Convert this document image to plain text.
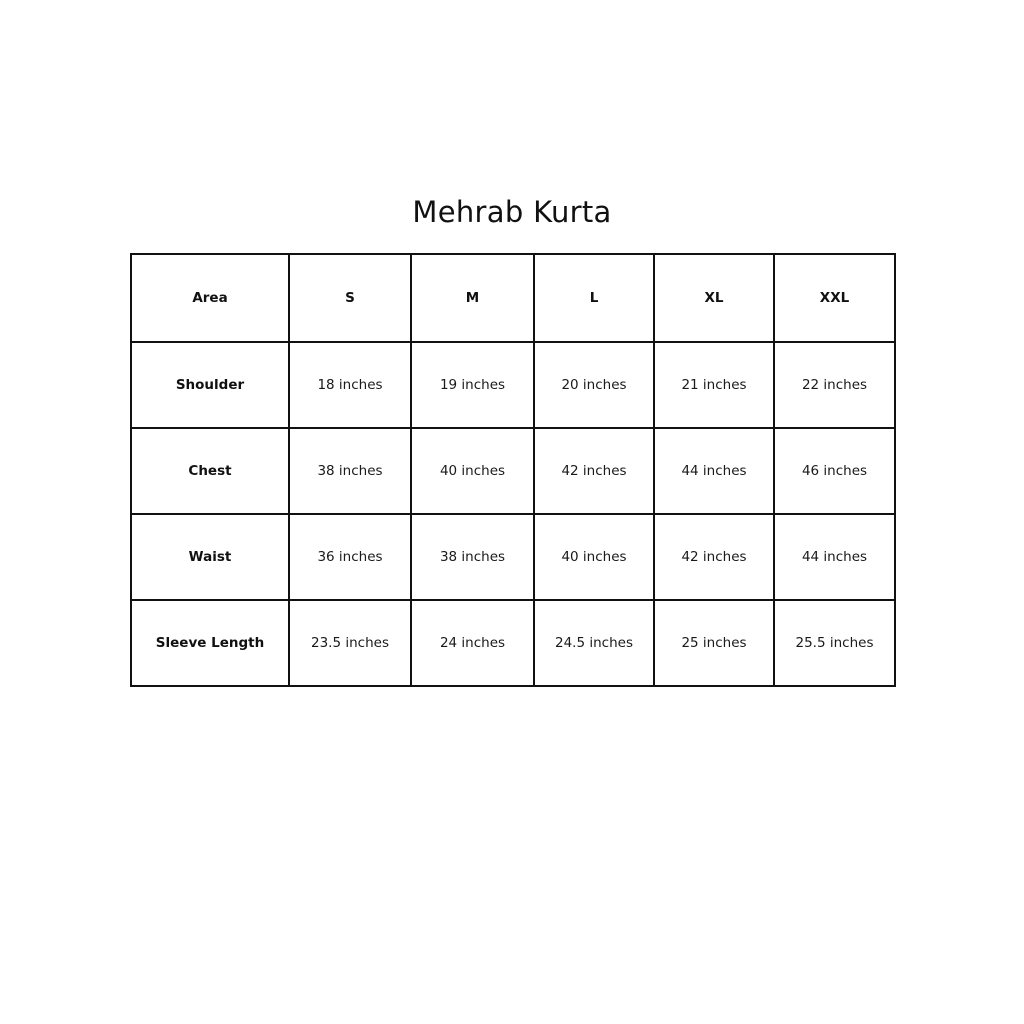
Mehrab Kurta
Area	S	M	L	XL	XXL
Shoulder	18 inches	19 inches	20 inches	21 inches	22 inches
Chest	38 inches	40 inches	42 inches	44 inches	46 inches
Waist	36 inches	38 inches	40 inches	42 inches	44 inches
Sleeve Length	23.5 inches	24 inches	24.5 inches	25 inches	25.5 inches
